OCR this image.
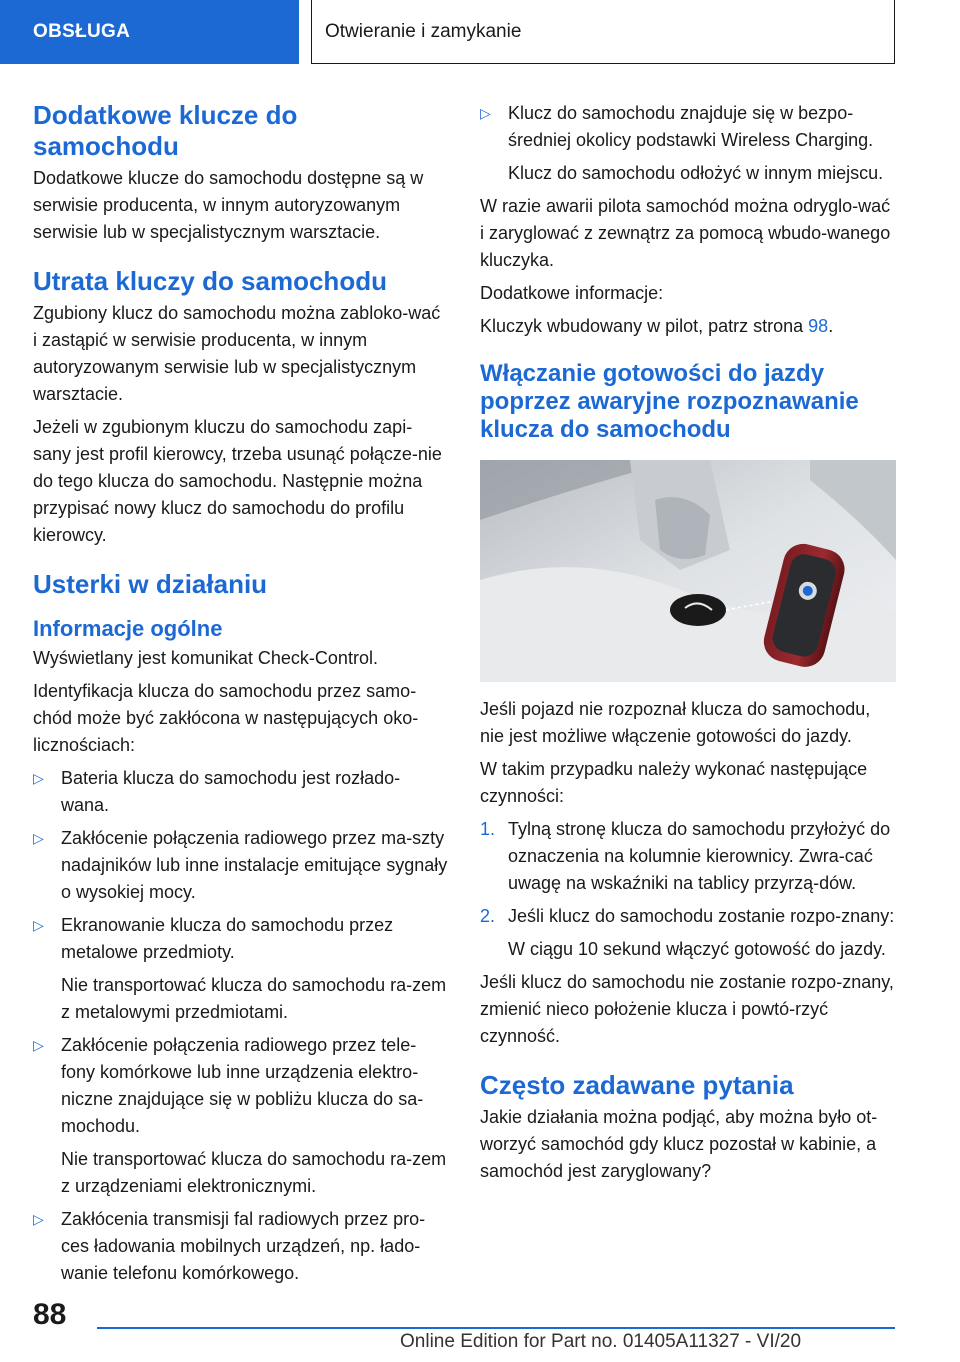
OBSŁUGA	Otwieranie i zamykanie
Dodatkowe klucze do samochodu

Dodatkowe klucze do samochodu dostępne są w serwisie producenta, w innym autoryzowanym serwisie lub w specjalistycznym warsztacie.

Utrata kluczy do samochodu

Zgubiony klucz do samochodu można zabloko-wać i zastąpić w serwisie producenta, w innym autoryzowanym serwisie lub w specjalistycznym warsztacie.

Jeżeli w zgubionym kluczu do samochodu zapi-sany jest profil kierowcy, trzeba usunąć połącze-nie do tego klucza do samochodu. Następnie można przypisać nowy klucz do samochodu do profilu kierowcy.

Usterki w działaniu
Informacje ogólne

Wyświetlany jest komunikat Check-Control.

Identyfikacja klucza do samochodu przez samo-chód może być zakłócona w następujących oko-licznościach:

▷ Bateria klucza do samochodu jest rozłado-wana.
▷ Zakłócenie połączenia radiowego przez ma-szty nadajników lub inne instalacje emitujące sygnały o wysokiej mocy.
▷ Ekranowanie klucza do samochodu przez metalowe przedmioty.
Nie transportować klucza do samochodu ra-zem z metalowymi przedmiotami.
▷ Zakłócenie połączenia radiowego przez tele-fony komórkowe lub inne urządzenia elektro-niczne znajdujące się w pobliżu klucza do sa-mochodu.
Nie transportować klucza do samochodu ra-zem z urządzeniami elektronicznymi.
▷ Zakłócenia transmisji fal radiowych przez pro-ces ładowania mobilnych urządzeń, np. łado-wanie telefonu komórkowego.
▷ Klucz do samochodu znajduje się w bezpo-średniej okolicy podstawki Wireless Charging.
Klucz do samochodu odłożyć w innym miejscu.

W razie awarii pilota samochód można odryglo-wać i zaryglować z zewnątrz za pomocą wbudo-wanego kluczyka.

Dodatkowe informacje:

Kluczyk wbudowany w pilot, patrz strona 98.

Włączanie gotowości do jazdy poprzez awaryjne rozpoznawanie klucza do samochodu

Jeśli pojazd nie rozpoznał klucza do samochodu, nie jest możliwe włączenie gotowości do jazdy.

W takim przypadku należy wykonać następujące czynności:

1. Tylną stronę klucza do samochodu przyłożyć do oznaczenia na kolumnie kierownicy. Zwra-cać uwagę na wskaźniki na tablicy przyrzą-dów.
2. Jeśli klucz do samochodu zostanie rozpo-znany:
W ciągu 10 sekund włączyć gotowość do jazdy.

Jeśli klucz do samochodu nie zostanie rozpo-znany, zmienić nieco położenie klucza i powtó-rzyć czynność.

Często zadawane pytania

Jakie działania można podjąć, aby można było ot-worzyć samochód gdy klucz pozostał w kabinie, a samochód jest zaryglowany?

88
Online Edition for Part no. 01405A11327 - VI/20
